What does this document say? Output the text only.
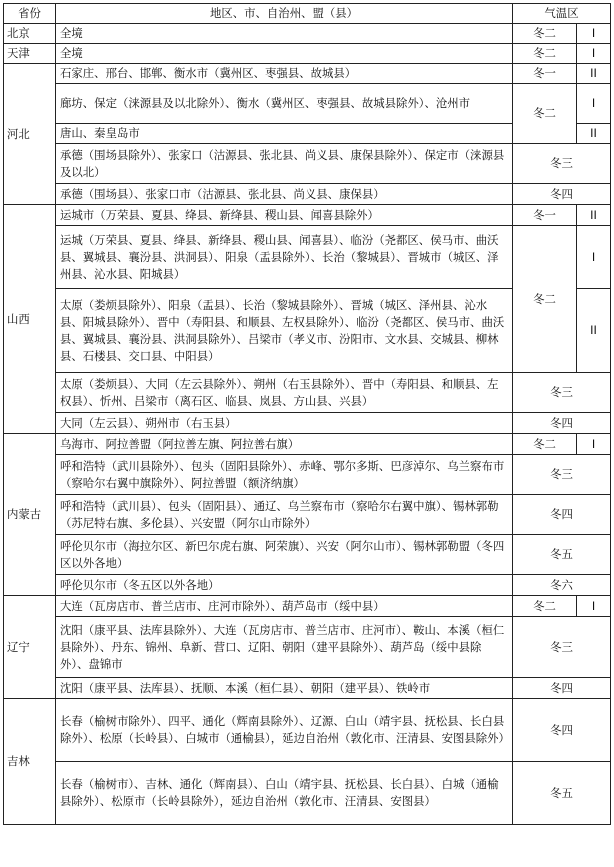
省份	地区、市、自治州、盟（县）	气温区	
北京	全境	冬二	I
天津	全境	冬二	I
河北	石家庄、邢台、邯郸、衡水市（冀州区、枣强县、故城县）	冬一	II
	廊坊、保定（涞源县及以北除外）、衡水（冀州区、枣强县、故城县除外）、沧州市	冬二	I
	唐山、秦皇岛市		II
	承德（围场县除外）、张家口（沽源县、张北县、尚义县、康保县除外）、保定市（涞源县及以北）	冬三	
	承德（围场县）、张家口市（沽源县、张北县、尚义县、康保县）	冬四	
山西	运城市（万荣县、夏县、绛县、新绛县、稷山县、闻喜县除外）	冬一	II
	运城（万荣县、夏县、绛县、新绛县、稷山县、闻喜县）、临汾（尧都区、侯马市、曲沃县、翼城县、襄汾县、洪洞县）、阳泉（盂县除外）、长治（黎城县）、晋城市（城区、泽州县、沁水县、阳城县）	冬二	I
	太原（娄烦县除外）、阳泉（盂县）、长治（黎城县除外）、晋城（城区、泽州县、沁水县、阳城县除外）、晋中（寿阳县、和顺县、左权县除外）、临汾（尧都区、侯马市、曲沃县、翼城县、襄汾县、洪洞县除外）、吕梁市（孝义市、汾阳市、文水县、交城县、柳林县、石楼县、交口县、中阳县）		II
	太原（娄烦县）、大同（左云县除外）、朔州（右玉县除外）、晋中（寿阳县、和顺县、左权县）、忻州、吕梁市（离石区、临县、岚县、方山县、兴县）	冬三	
	大同（左云县）、朔州市（右玉县）	冬四	
内蒙古	乌海市、阿拉善盟（阿拉善左旗、阿拉善右旗）	冬二	I
	呼和浩特（武川县除外）、包头（固阳县除外）、赤峰、鄂尔多斯、巴彦淖尔、乌兰察布市（察哈尔右翼中旗除外）、阿拉善盟（额济纳旗）	冬三	
	呼和浩特（武川县）、包头（固阳县）、通辽、乌兰察布市（察哈尔右翼中旗）、锡林郭勒（苏尼特右旗、多伦县）、兴安盟（阿尔山市除外）	冬四	
	呼伦贝尔市（海拉尔区、新巴尔虎右旗、阿荣旗）、兴安（阿尔山市）、锡林郭勒盟（冬四区以外各地）	冬五	
	呼伦贝尔市（冬五区以外各地）	冬六	
辽宁	大连（瓦房店市、普兰店市、庄河市除外）、葫芦岛市（绥中县）	冬二	I
	沈阳（康平县、法库县除外）、大连（瓦房店市、普兰店市、庄河市）、鞍山、本溪（桓仁县除外）、丹东、锦州、阜新、营口、辽阳、朝阳（建平县除外）、葫芦岛（绥中县除外）、盘锦市	冬三	
	沈阳（康平县、法库县）、抚顺、本溪（桓仁县）、朝阳（建平县）、铁岭市	冬四	
吉林	长春（榆树市除外）、四平、通化（辉南县除外）、辽源、白山（靖宇县、抚松县、长白县除外）、松原（长岭县）、白城市（通榆县），延边自治州（敦化市、汪清县、安图县除外）	冬四	
	长春（榆树市）、吉林、通化（辉南县）、白山（靖宇县、抚松县、长白县）、白城（通榆县除外）、松原市（长岭县除外），延边自治州（敦化市、汪清县、安图县）	冬五	
